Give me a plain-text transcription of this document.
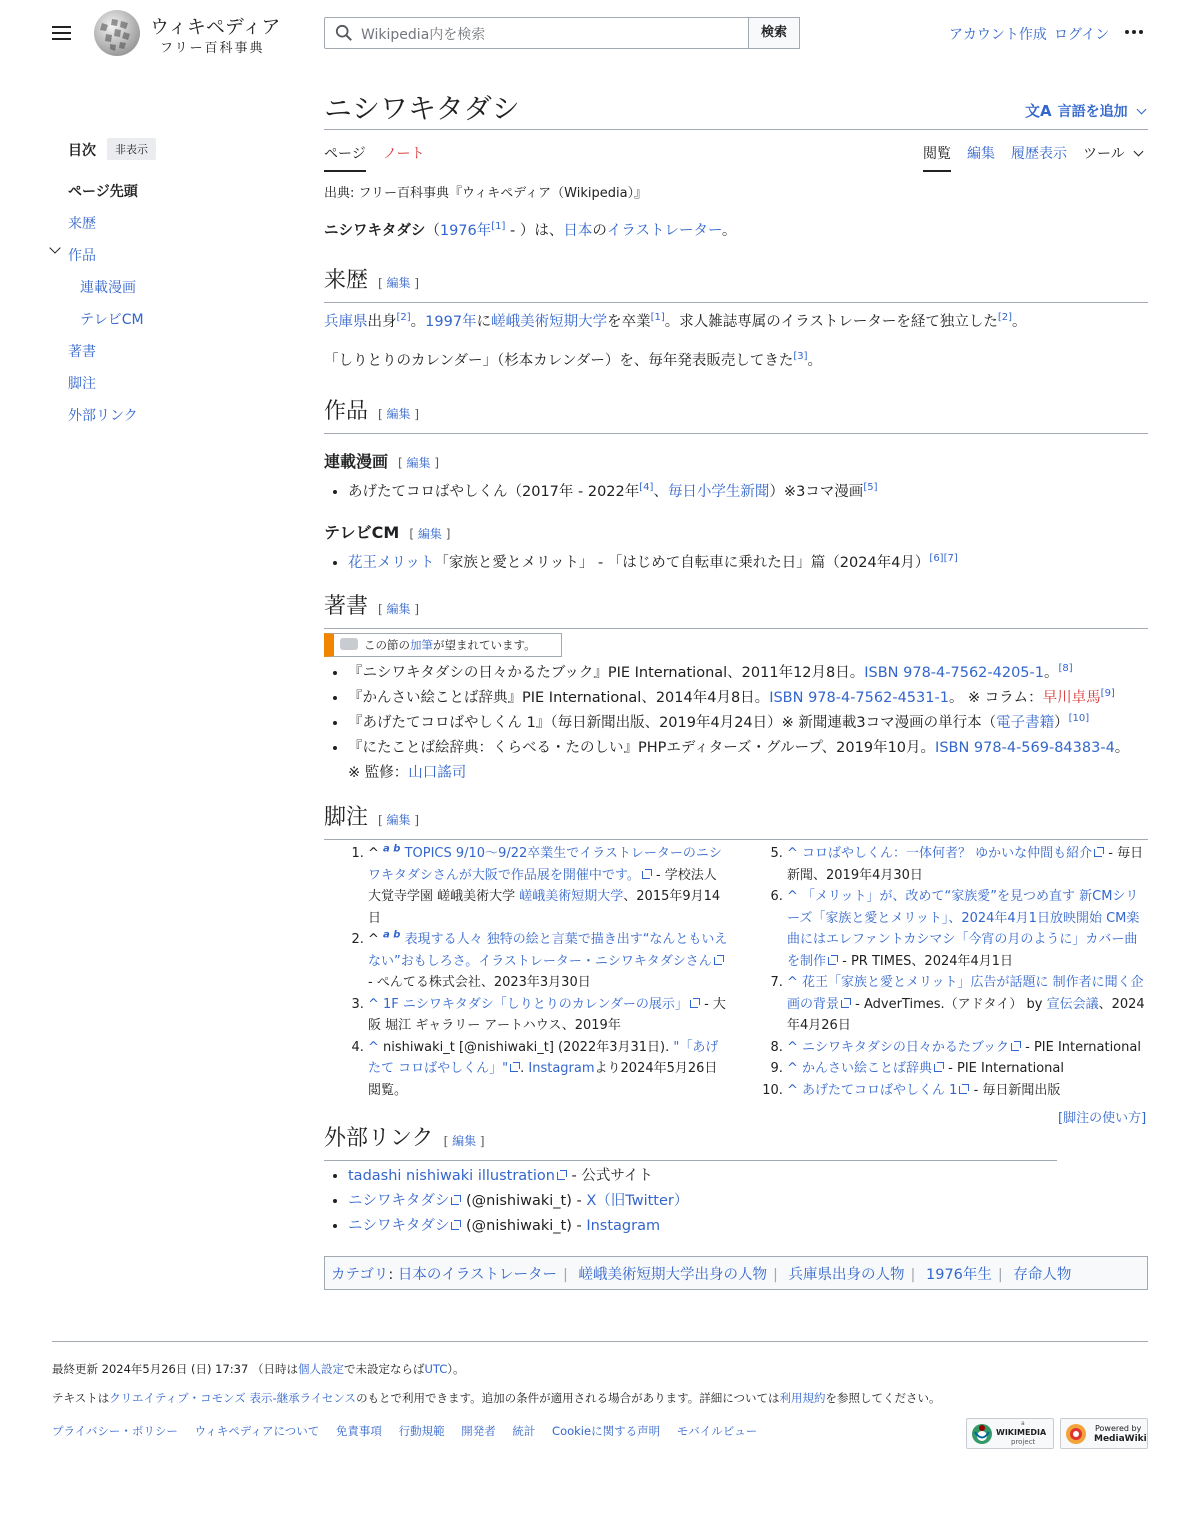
ウィキペディア
フリー百科事典
Wikipedia内を検索	検索	アカウント作成 ログイン
目次	非表示
ページ先頭
来歴
作品
連載漫画
テレビCM
著書
脚注
外部リンク
ニシワキタダシ	文A 言語を追加
ページ ノート	閲覧 編集 履歴表示 ツール
出典: フリー百科事典『ウィキペディア（Wikipedia）』

ニシワキタダシ（1976年[1] - ）は、日本のイラストレーター。

来歴 [ 編集 ]

兵庫県出身[2]。1997年に嵯峨美術短期大学を卒業[1]。求人雑誌専属のイラストレーターを経て独立した[2]。

「しりとりのカレンダー」（杉本カレンダー）を、毎年発表販売してきた[3]。

作品 [ 編集 ]
連載漫画 [ 編集 ]
• あげたてコロばやしくん（2017年 - 2022年[4]、毎日小学生新聞）※3コマ漫画[5]
テレビCM [ 編集 ]
• 花王メリット「家族と愛とメリット」 - 「はじめて自転車に乗れた日」篇（2024年4月）[6][7]
著書 [ 編集 ]
この節の加筆が望まれています。
• 『ニシワキタダシの日々かるたブック』PIE International、2011年12月8日。ISBN 978-4-7562-4205-1。[8]
• 『かんさい絵ことば辞典』PIE International、2014年4月8日。ISBN 978-4-7562-4531-1。 ※ コラム：早川卓馬[9]
• 『あげたてコロばやしくん 1』（毎日新聞出版、2019年4月24日）※ 新聞連載3コマ漫画の単行本（電子書籍）[10]
• 『にたことば絵辞典：くらべる・たのしい』PHPエディターズ・グループ、2019年10月。ISBN 978-4-569-84383-4。
※ 監修：山口謠司
脚注 [ 編集 ]
1. ^ $^{a b}$ TOPICS 9/10〜9/22卒業生でイラストレーターのニシワキタダシさんが大阪で作品展を開催中です。 - 学校法人 大覚寺学園 嵯峨美術大学 嵯峨美術短期大学、2015年9月14日
2. ^ $^{a b}$ 表現する人々 独特の絵と言葉で描き出す“なんともいえない”おもしろさ。イラストレーター・ニシワキタダシさん - ぺんてる株式会社、2023年3月30日
3. ^ 1F ニシワキタダシ「しりとりのカレンダーの展示」 - 大阪 堀江 ギャラリー アートハウス、2019年
4. ^ nishiwaki_t [@nishiwaki_t] (2022年3月31日). "「あげたて コロばやしくん」" . Instagramより2024年5月26日閲覧。
5. ^ コロばやしくん：一体何者？ ゆかいな仲間も紹介 - 毎日新聞、2019年4月30日
6. ^ 「メリット」が、改めて“家族愛”を見つめ直す 新CMシリーズ「家族と愛とメリット」、2024年4月1日放映開始 CM楽曲にはエレファントカシマシ「今宵の月のように」カバー曲を制作 - PR TIMES、2024年4月1日
7. ^ 花王「家族と愛とメリット」広告が話題に 制作者に聞く企画の背景 - AdverTimes.（アドタイ） by 宣伝会議、2024年4月26日
8. ^ ニシワキタダシの日々かるたブック - PIE International
9. ^ かんさい絵ことば辞典 - PIE International
10. ^ あげたてコロばやしくん 1 - 毎日新聞出版
[脚注の使い方]
外部リンク [ 編集 ]
• tadashi nishiwaki illustration - 公式サイト
• ニシワキタダシ (@nishiwaki_t) - X（旧Twitter）
• ニシワキタダシ (@nishiwaki_t) - Instagram
カテゴリ: 日本のイラストレーター | 嵯峨美術短期大学出身の人物 | 兵庫県出身の人物 | 1976年生 | 存命人物
最終更新 2024年5月26日 (日) 17:37 （日時は個人設定で未設定ならばUTC）。
テキストはクリエイティブ・コモンズ 表示-継承ライセンスのもとで利用できます。追加の条件が適用される場合があります。詳細については利用規約を参照してください。
プライバシー・ポリシー ウィキペディアについて 免責事項 行動規範 開発者 統計 Cookieに関する声明 モバイルビュー
a
WIKIMEDIA
project
Powered by
MediaWiki
